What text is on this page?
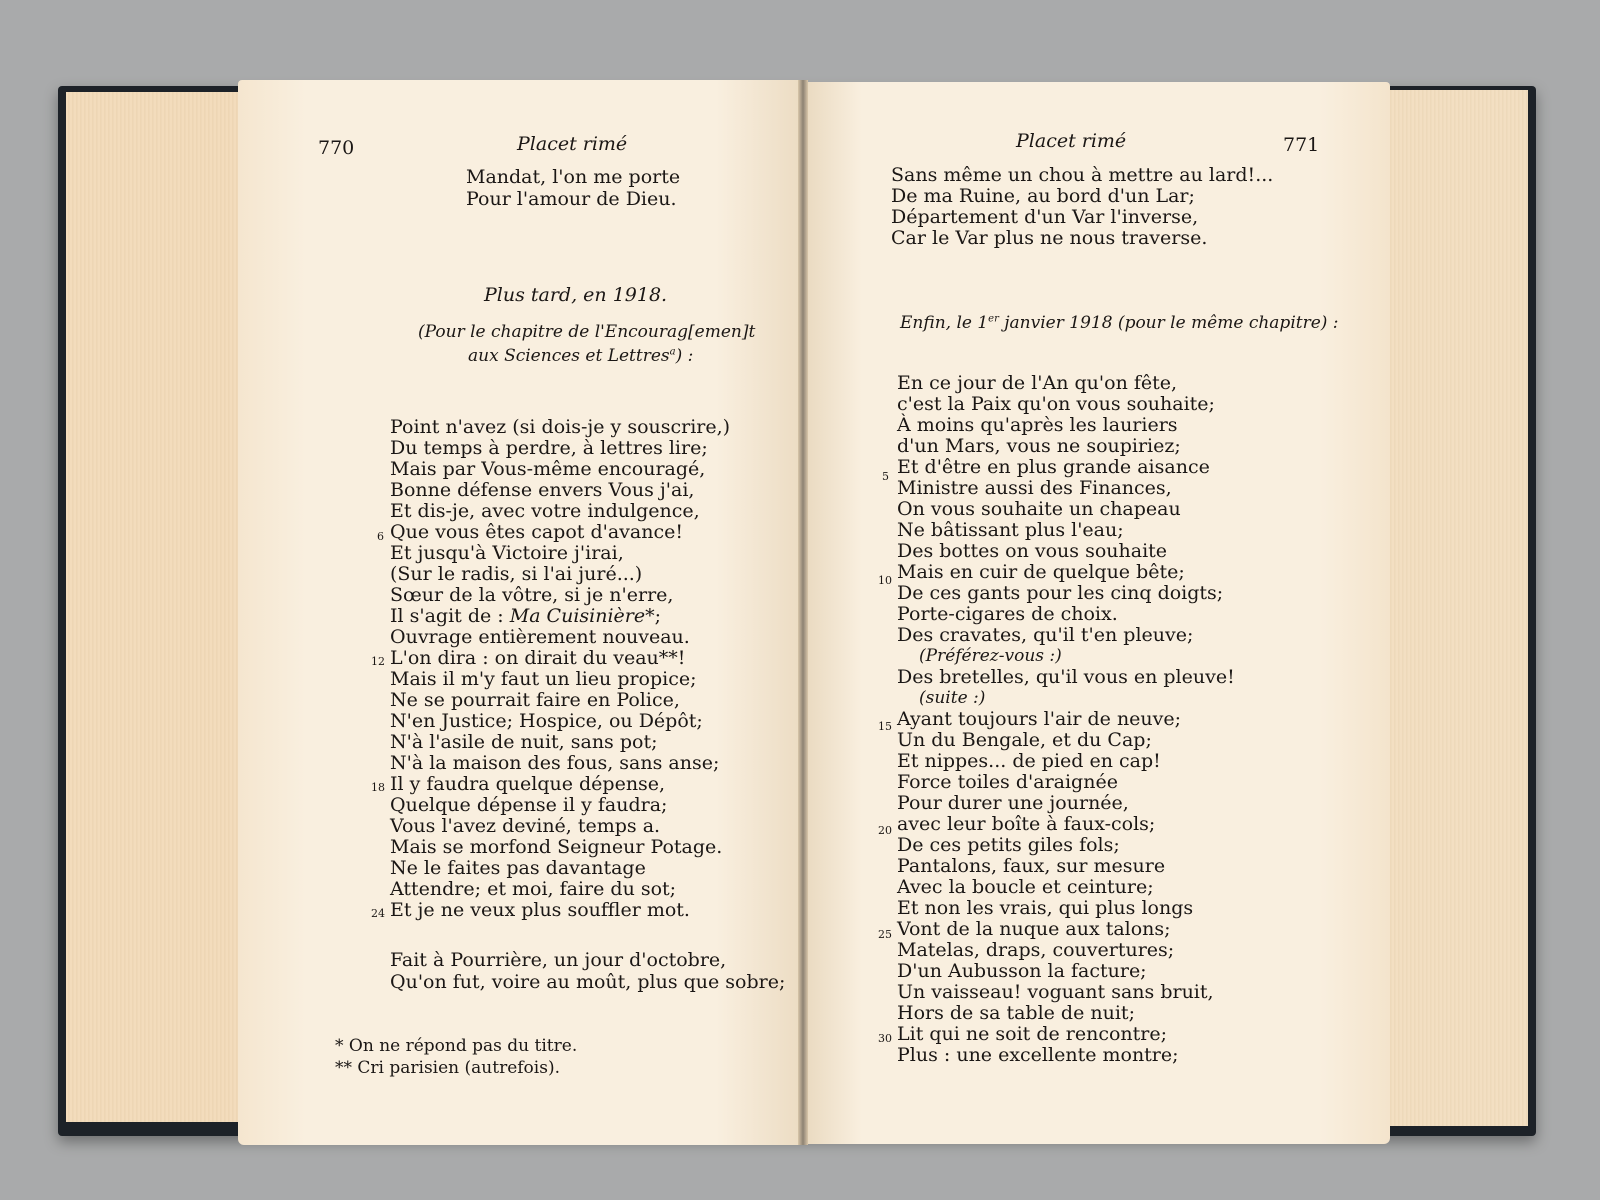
770	Placet rimé
Mandat, l'on me porte
Pour l'amour de Dieu.
Plus tard, en 1918.
(Pour le chapitre de l'Encourag[emen]t
aux Sciences et Lettres$^a$) :
Point n'avez (si dois-je y souscrire,)
Du temps à perdre, à lettres lire;
Mais par Vous-même encouragé,
Bonne défense envers Vous j'ai,
Et dis-je, avec votre indulgence,
Que vous êtes capot d'avance!
Et jusqu'à Victoire j'irai,
(Sur le radis, si l'ai juré...)
Sœur de la vôtre, si je n'erre,
Il s'agit de : Ma Cuisinière*;
Ouvrage entièrement nouveau.
L'on dira : on dirait du veau**!
Mais il m'y faut un lieu propice;
Ne se pourrait faire en Police,
N'en Justice; Hospice, ou Dépôt;
N'à l'asile de nuit, sans pot;
N'à la maison des fous, sans anse;
Il y faudra quelque dépense,
Quelque dépense il y faudra;
Vous l'avez deviné, temps a.
Mais se morfond Seigneur Potage.
Ne le faites pas davantage
Attendre; et moi, faire du sot;
Et je ne veux plus souffler mot.
6
12
18
24
Fait à Pourrière, un jour d'octobre,
Qu'on fut, voire au moût, plus que sobre;
* On ne répond pas du titre.
** Cri parisien (autrefois).
Placet rimé	771
Sans même un chou à mettre au lard!...
De ma Ruine, au bord d'un Lar;
Département d'un Var l'inverse,
Car le Var plus ne nous traverse.
Enfin, le 1er janvier 1918 (pour le même chapitre) :
En ce jour de l'An qu'on fête,
c'est la Paix qu'on vous souhaite;
À moins qu'après les lauriers
d'un Mars, vous ne soupiriez;
Et d'être en plus grande aisance
Ministre aussi des Finances,
On vous souhaite un chapeau
Ne bâtissant plus l'eau;
Des bottes on vous souhaite
Mais en cuir de quelque bête;
De ces gants pour les cinq doigts;
Porte-cigares de choix.
Des cravates, qu'il t'en pleuve;
(Préférez-vous :)
Des bretelles, qu'il vous en pleuve!
(suite :)
Ayant toujours l'air de neuve;
Un du Bengale, et du Cap;
Et nippes... de pied en cap!
Force toiles d'araignée
Pour durer une journée,
avec leur boîte à faux-cols;
De ces petits giles fols;
Pantalons, faux, sur mesure
Avec la boucle et ceinture;
Et non les vrais, qui plus longs
Vont de la nuque aux talons;
Matelas, draps, couvertures;
D'un Aubusson la facture;
Un vaisseau! voguant sans bruit,
Hors de sa table de nuit;
Lit qui ne soit de rencontre;
Plus : une excellente montre;
5
10
15
20
25
30
